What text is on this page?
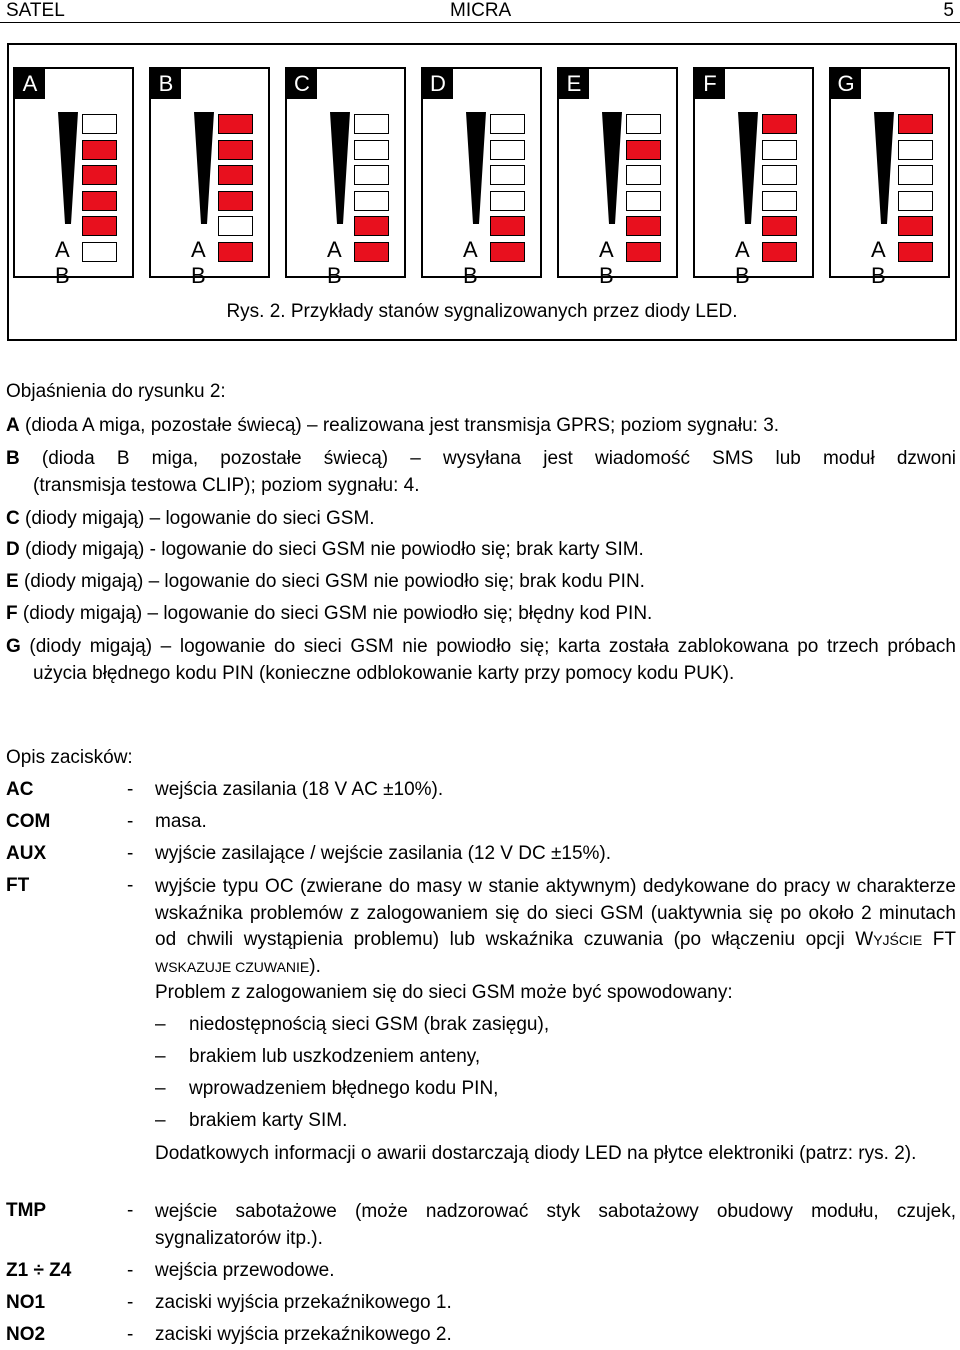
SATEL	MICRA	5
Rys. 2. Przykłady stanów sygnalizowanych przez diody LED.
A
A
B
B
A
B
C
A
B
D
A
B
E
A
B
F
A
B
G
A
B
Objaśnienia do rysunku 2:
A (dioda A miga, pozostałe świecą) – realizowana jest transmisja GPRS; poziom sygnału: 3.
B (dioda B miga, pozostałe świecą) – wysyłana jest wiadomość SMS lub moduł dzwoni
(transmisja testowa CLIP); poziom sygnału: 4.
C (diody migają) – logowanie do sieci GSM.
D (diody migają) - logowanie do sieci GSM nie powiodło się; brak karty SIM.
E (diody migają) – logowanie do sieci GSM nie powiodło się; brak kodu PIN.
F (diody migają) – logowanie do sieci GSM nie powiodło się; błędny kod PIN.
G (diody migają) – logowanie do sieci GSM nie powiodło się; karta została zablokowana po trzech próbach użycia błędnego kodu PIN (konieczne odblokowanie karty przy pomocy kodu PUK).
Opis zacisków:
AC	- wejścia zasilania (18 V AC ±10%).
COM	- masa.
AUX	- wyjście zasilające / wejście zasilania (12 V DC ±15%).
FT	- wyjście typu OC (zwierane do masy w stanie aktywnym) dedykowane do pracy w charakterze wskaźnika problemów z zalogowaniem się do sieci GSM (uaktywnia się po około 2 minutach od chwili wystąpienia problemu) lub wskaźnika czuwania (po włączeniu opcji WYJŚCIE FT WSKAZUJE CZUWANIE).
Problem z zalogowaniem się do sieci GSM może być spowodowany:
– niedostępnością sieci GSM (brak zasięgu),
– brakiem lub uszkodzeniem anteny,
– wprowadzeniem błędnego kodu PIN,
– brakiem karty SIM.
Dodatkowych informacji o awarii dostarczają diody LED na płytce elektroniki (patrz: rys. 2).
TMP	- wejście sabotażowe (może nadzorować styk sabotażowy obudowy modułu, czujek, sygnalizatorów itp.).
Z1 ÷ Z4	- wejścia przewodowe.
NO1	- zaciski wyjścia przekaźnikowego 1.
NO2	- zaciski wyjścia przekaźnikowego 2.
